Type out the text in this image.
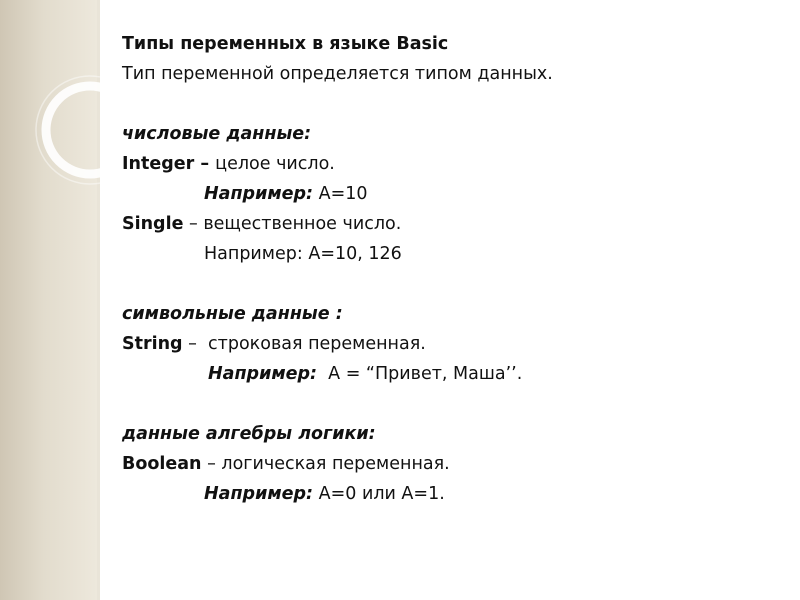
Типы переменных в языке Basic
Тип переменной определяется типом данных.
числовые данные:
Integer – целое число.
Например: А=10
Single – вещественное число.
Например: А=10, 126
символьные данные :
String –  строковая переменная.
Например:  А = “Привет, Маша’’.
данные алгебры логики:
Boolean – логическая переменная.
Например: А=0 или А=1.
